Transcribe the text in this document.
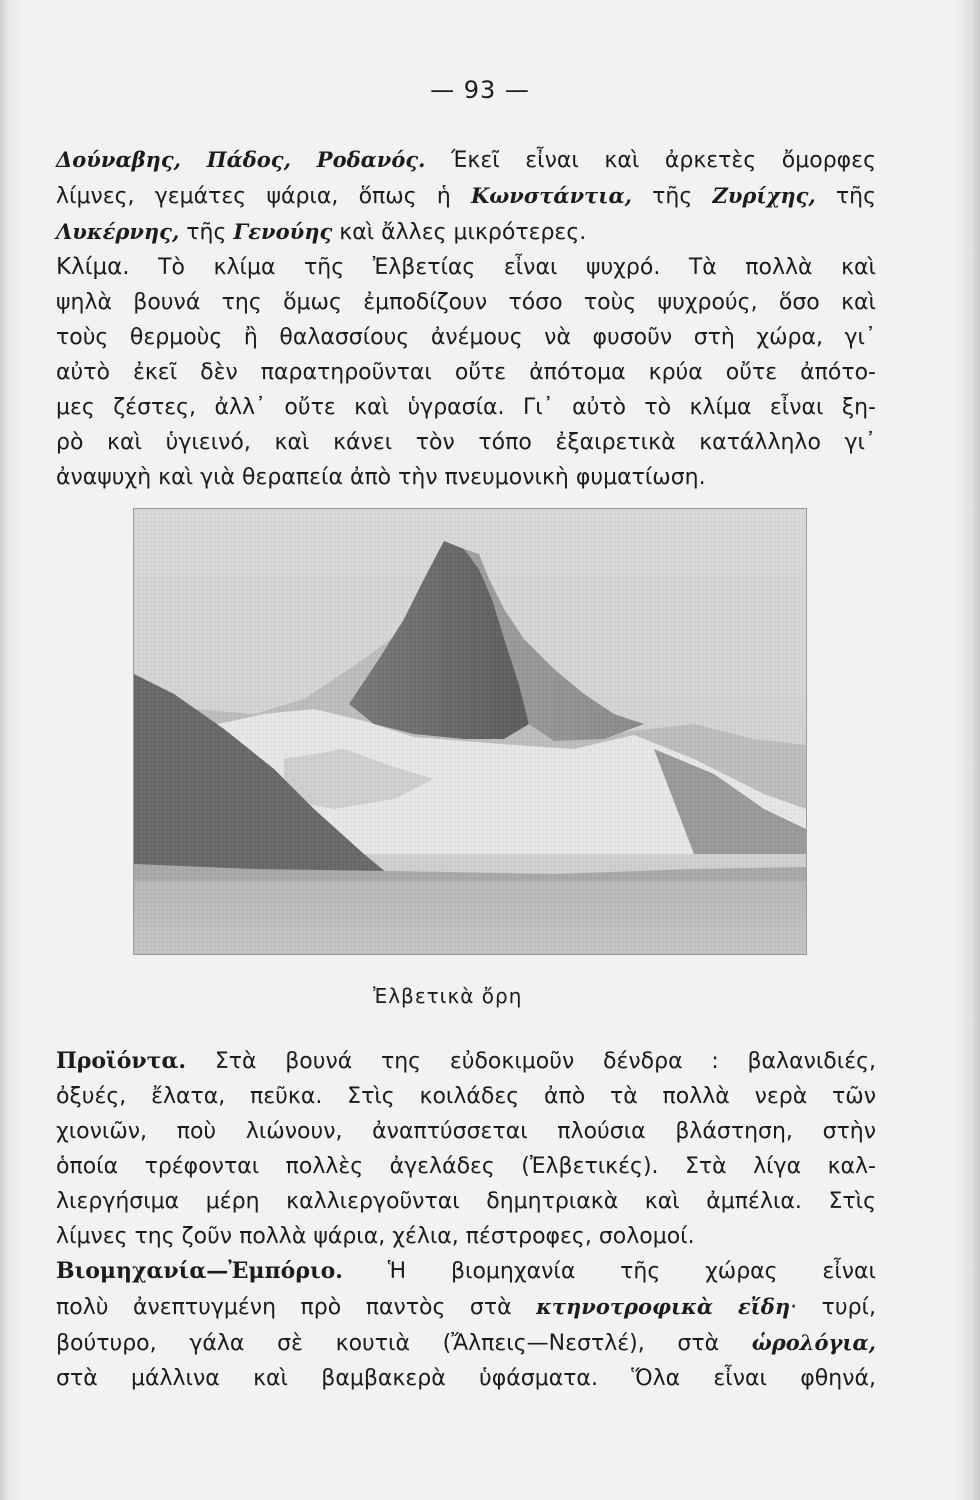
— 93 —
Δούναβης, Πάδος, Ροδανός. Έκεῖ εἶναι καὶ ἀρκετὲς ὄμορφες
λίμνες, γεμάτες ψάρια, ὅπως ἡ Κωνστάντια, τῆς Ζυρίχης, τῆς
Λυκέρνης, τῆς Γενούης καὶ ἄλλες μικρότερες.
Κλίμα. Τὸ κλίμα τῆς Ἐλβετίας εἶναι ψυχρό. Τὰ πολλὰ καὶ
ψηλὰ βουνά της ὅμως ἐμποδίζουν τόσο τοὺς ψυχρούς, ὅσο καὶ
τοὺς θερμοὺς ἢ θαλασσίους ἀνέμους νὰ φυσοῦν στὴ χώρα, γι᾽
αὐτὸ ἐκεῖ δὲν παρατηροῦνται οὔτε ἀπότομα κρύα οὔτε ἀπότο-
μες ζέστες, ἀλλ᾽ οὔτε καὶ ὑγρασία. Γι᾽ αὐτὸ τὸ κλίμα εἶναι ξη-
ρὸ καὶ ὑγιεινό, καὶ κάνει τὸν τόπο ἐξαιρετικὰ κατάλληλο γι᾽
ἀναψυχὴ καὶ γιὰ θεραπεία ἀπὸ τὴν πνευμονικὴ φυματίωση.
Ἐλβετικὰ ὄρη
Προϊόντα. Στὰ βουνά της εὐδοκιμοῦν δένδρα : βαλανιδιές,
ὀξυές, ἔλατα, πεῦκα. Στὶς κοιλάδες ἀπὸ τὰ πολλὰ νερὰ τῶν
χιονιῶν, ποὺ λιώνουν, ἀναπτύσσεται πλούσια βλάστηση, στὴν
ὁποία τρέφονται πολλὲς ἀγελάδες (Ἐλβετικές). Στὰ λίγα καλ-
λιεργήσιμα μέρη καλλιεργοῦνται δημητριακὰ καὶ ἀμπέλια. Στὶς
λίμνες της ζοῦν πολλὰ ψάρια, χέλια, πέστροφες, σολομοί.
Βιομηχανία—Ἐμπόριο. Ἡ βιομηχανία τῆς χώρας εἶναι
πολὺ ἀνεπτυγμένη πρὸ παντὸς στὰ κτηνοτροφικὰ εἴδη· τυρί,
βούτυρο, γάλα σὲ κουτιὰ (Ἄλπεις—Νεστλέ), στὰ ὡρολόγια,
στὰ μάλλινα καὶ βαμβακερὰ ὑφάσματα. Ὅλα εἶναι φθηνά,
